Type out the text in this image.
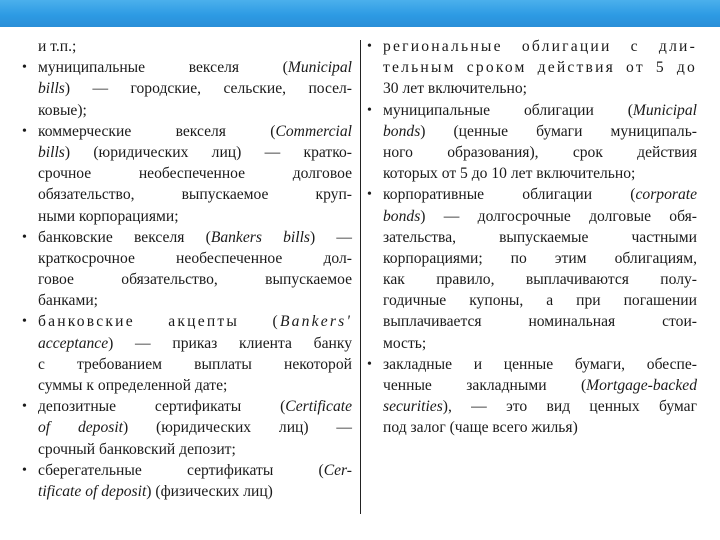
и т.п.;
• муниципальные векселя (Municipal
bills) — городские, сельские, посел-
ковые);
• коммерческие векселя (Commercial
bills) (юридических лиц) — кратко-
срочное необеспеченное долговое
обязательство, выпускаемое круп-
ными корпорациями;
• банковские векселя (Bankers bills) —
краткосрочное необеспеченное дол-
говое обязательство, выпускаемое
банками;
• банковские акцепты (Bankers'
acceptance) — приказ клиента банку
с требованием выплаты некоторой
суммы к определенной дате;
• депозитные сертификаты (Certificate
of deposit) (юридических лиц) —
срочный банковский депозит;
• сберегательные сертификаты (Cer-
tificate of deposit) (физических лиц)
• региональные облигации с дли-
тельным сроком действия от 5 до
30 лет включительно;
• муниципальные облигации (Municipal
bonds) (ценные бумаги муниципаль-
ного образования), срок действия
которых от 5 до 10 лет включительно;
• корпоративные облигации (corporate
bonds) — долгосрочные долговые обя-
зательства, выпускаемые частными
корпорациями; по этим облигациям,
как правило, выплачиваются полу-
годичные купоны, а при погашении
выплачивается номинальная стои-
мость;
• закладные и ценные бумаги, обеспе-
ченные закладными (Mortgage-backed
securities), — это вид ценных бумаг
под залог (чаще всего жилья)
